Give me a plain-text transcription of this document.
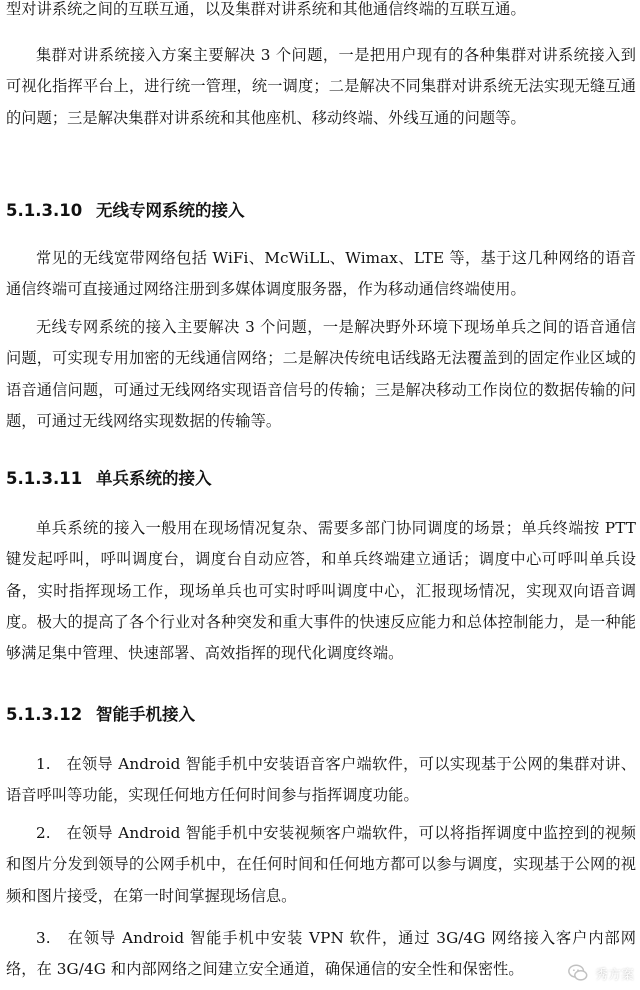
型对讲系统之间的互联互通，以及集群对讲系统和其他通信终端的互联互通。
集群对讲系统接入方案主要解决 3 个问题，一是把用户现有的各种集群对讲系统接入到可视化指挥平台上，进行统一管理，统一调度；二是解决不同集群对讲系统无法实现无缝互通的问题；三是解决集群对讲系统和其他座机、移动终端、外线互通的问题等。
5.1.3.10 无线专网系统的接入
常见的无线宽带网络包括 WiFi、McWiLL、Wimax、LTE 等，基于这几种网络的语音通信终端可直接通过网络注册到多媒体调度服务器，作为移动通信终端使用。
无线专网系统的接入主要解决 3 个问题，一是解决野外环境下现场单兵之间的语音通信问题，可实现专用加密的无线通信网络；二是解决传统电话线路无法覆盖到的固定作业区域的语音通信问题，可通过无线网络实现语音信号的传输；三是解决移动工作岗位的数据传输的问题，可通过无线网络实现数据的传输等。
5.1.3.11 单兵系统的接入
单兵系统的接入一般用在现场情况复杂、需要多部门协同调度的场景；单兵终端按 PTT 键发起呼叫，呼叫调度台，调度台自动应答，和单兵终端建立通话；调度中心可呼叫单兵设备，实时指挥现场工作，现场单兵也可实时呼叫调度中心，汇报现场情况，实现双向语音调度。极大的提高了各个行业对各种突发和重大事件的快速反应能力和总体控制能力，是一种能够满足集中管理、快速部署、高效指挥的现代化调度终端。
5.1.3.12 智能手机接入
1.　在领导 Android 智能手机中安装语音客户端软件，可以实现基于公网的集群对讲、语音呼叫等功能，实现任何地方任何时间参与指挥调度功能。
2.　在领导 Android 智能手机中安装视频客户端软件，可以将指挥调度中监控到的视频和图片分发到领导的公网手机中，在任何时间和任何地方都可以参与调度，实现基于公网的视频和图片接受，在第一时间掌握现场信息。
3.　在领导 Android 智能手机中安装 VPN 软件，通过 3G/4G 网络接入客户内部网络，在 3G/4G 和内部网络之间建立安全通道，确保通信的安全性和保密性。	秀方案
